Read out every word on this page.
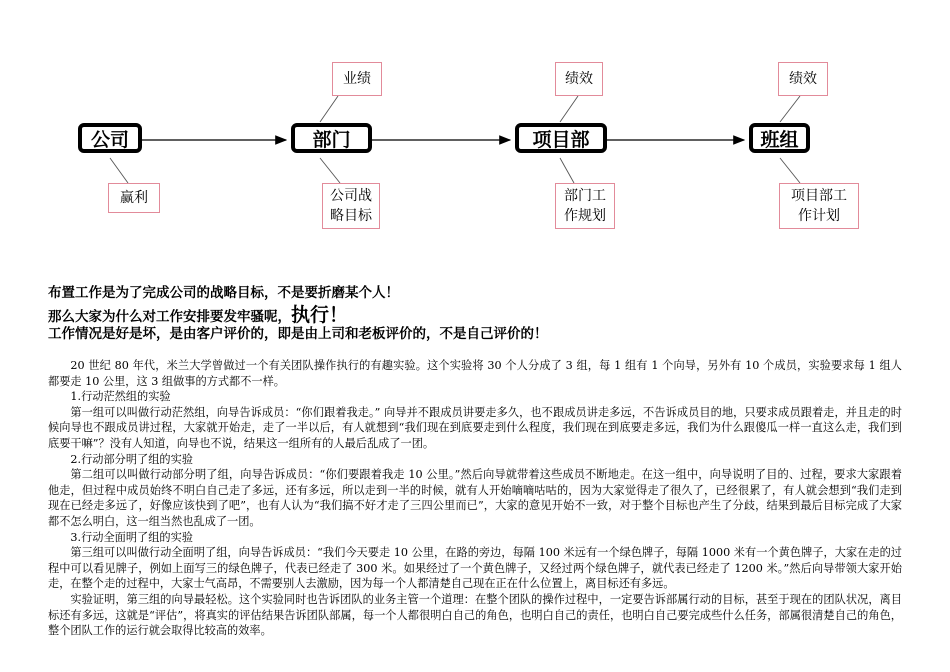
公司	部门	项目部	班组
业绩	绩效	绩效
赢利	公司战
略目标
部门工
作规划
项目部工
作计划
布置工作是为了完成公司的战略目标，不是要折磨某个人！
那么大家为什么对工作安排要发牢骚呢，执行！
工作情况是好是坏，是由客户评价的，即是由上司和老板评价的，不是自己评价的！

20 世纪 80 年代，米兰大学曾做过一个有关团队操作执行的有趣实验。这个实验将 30 个人分成了 3 组，每 1 组有 1 个向导，另外有 10 个成员，实验要求每 1 组人都要走 10 公里，这 3 组做事的方式都不一样。

1.行动茫然组的实验

第一组可以叫做行动茫然组，向导告诉成员：“你们跟着我走。” 向导并不跟成员讲要走多久，也不跟成员讲走多远，不告诉成员目的地，只要求成员跟着走，并且走的时候向导也不跟成员讲过程，大家就开始走，走了一半以后，有人就想到“我们现在到底要走到什么程度，我们现在到底要走多远，我们为什么跟傻瓜一样一直这么走，我们到底要干嘛”？没有人知道，向导也不说，结果这一组所有的人最后乱成了一团。

2.行动部分明了组的实验

第二组可以叫做行动部分明了组，向导告诉成员：“你们要跟着我走 10 公里。”然后向导就带着这些成员不断地走。在这一组中，向导说明了目的、过程，要求大家跟着他走，但过程中成员始终不明白自己走了多远，还有多远，所以走到一半的时候，就有人开始嘀嘀咕咕的，因为大家觉得走了很久了，已经很累了，有人就会想到“我们走到现在已经走多远了，好像应该快到了吧”，也有人认为“我们搞不好才走了三四公里而已”，大家的意见开始不一致，对于整个目标也产生了分歧，结果到最后目标完成了大家都不怎么明白，这一组当然也乱成了一团。

3.行动全面明了组的实验

第三组可以叫做行动全面明了组，向导告诉成员：“我们今天要走 10 公里，在路的旁边，每隔 100 米远有一个绿色牌子，每隔 1000 米有一个黄色牌子，大家在走的过程中可以看见牌子，例如上面写三的绿色牌子，代表已经走了 300 米。如果经过了一个黄色牌子，又经过两个绿色牌子，就代表已经走了 1200 米。”然后向导带领大家开始走，在整个走的过程中，大家士气高昂，不需要别人去激励，因为每一个人都清楚自己现在正在什么位置上，离目标还有多远。

实验证明，第三组的向导最轻松。这个实验同时也告诉团队的业务主管一个道理：在整个团队的操作过程中，一定要告诉部属行动的目标，甚至于现在的团队状况，离目标还有多远，这就是“评估”，将真实的评估结果告诉团队部属，每一个人都很明白自己的角色，也明白自己的责任，也明白自己要完成些什么任务，部属很清楚自己的角色，整个团队工作的运行就会取得比较高的效率。
